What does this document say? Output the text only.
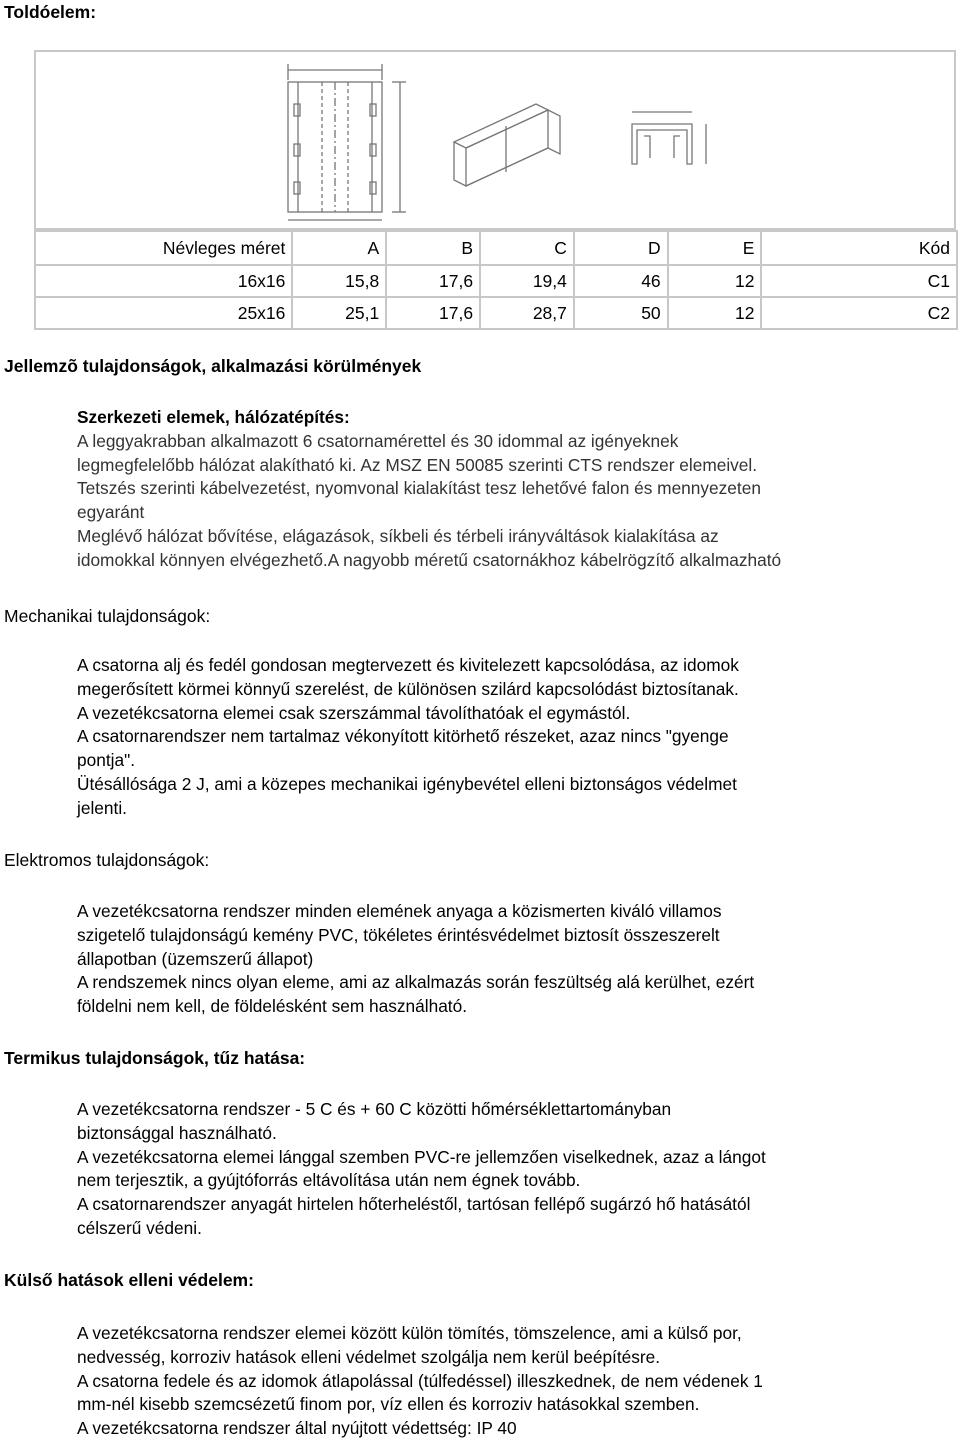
Toldóelem:
Névleges méret	A	B	C	D	E	Kód
16x16	15,8	17,6	19,4	46	12	C1
25x16	25,1	17,6	28,7	50	12	C2
Jellemzõ tulajdonságok, alkalmazási körülmények
Szerkezeti elemek, hálózatépítés:
A leggyakrabban alkalmazott 6 csatornamérettel és 30 idommal az igényeknek
legmegfelelőbb hálózat alakítható ki. Az MSZ EN 50085 szerinti CTS rendszer elemeivel.
Tetszés szerinti kábelvezetést, nyomvonal kialakítást tesz lehetővé falon és mennyezeten
egyaránt
Meglévő hálózat bővítése, elágazások, síkbeli és térbeli irányváltások kialakítása az
idomokkal könnyen elvégezhető.A nagyobb méretű csatornákhoz kábelrögzítő alkalmazható
Mechanikai tulajdonságok:
A csatorna alj és fedél gondosan megtervezett és kivitelezett kapcsolódása, az idomok
megerősített körmei könnyű szerelést, de különösen szilárd kapcsolódást biztosítanak.
A vezetékcsatorna elemei csak szerszámmal távolíthatóak el egymástól.
A csatornarendszer nem tartalmaz vékonyított kitörhető részeket, azaz nincs "gyenge
pontja".
Ütésállósága 2 J, ami a közepes mechanikai igénybevétel elleni biztonságos védelmet
jelenti.
Elektromos tulajdonságok:
A vezetékcsatorna rendszer minden elemének anyaga a közismerten kiváló villamos
szigetelő tulajdonságú kemény PVC, tökéletes érintésvédelmet biztosít összeszerelt
állapotban (üzemszerű állapot)
A rendszemek nincs olyan eleme, ami az alkalmazás során feszültség alá kerülhet, ezért
földelni nem kell, de földelésként sem használható.
Termikus tulajdonságok, tűz hatása:
A vezetékcsatorna rendszer - 5 C és + 60 C közötti hőmérséklettartományban
biztonsággal használható.
A vezetékcsatorna elemei lánggal szemben PVC-re jellemzően viselkednek, azaz a lángot
nem terjesztik, a gyújtóforrás eltávolítása után nem égnek tovább.
A csatornarendszer anyagát hirtelen hőterheléstől, tartósan fellépő sugárzó hő hatásától
célszerű védeni.
Külső hatások elleni védelem:
A vezetékcsatorna rendszer elemei között külön tömítés, tömszelence, ami a külső por,
nedvesség, korroziv hatások elleni védelmet szolgálja nem kerül beépítésre.
A csatorna fedele és az idomok átlapolással (túlfedéssel) illeszkednek, de nem védenek 1
mm-nél kisebb szemcsézetű finom por, víz ellen és korroziv hatásokkal szemben.
A vezetékcsatorna rendszer által nyújtott védettség: IP 40
